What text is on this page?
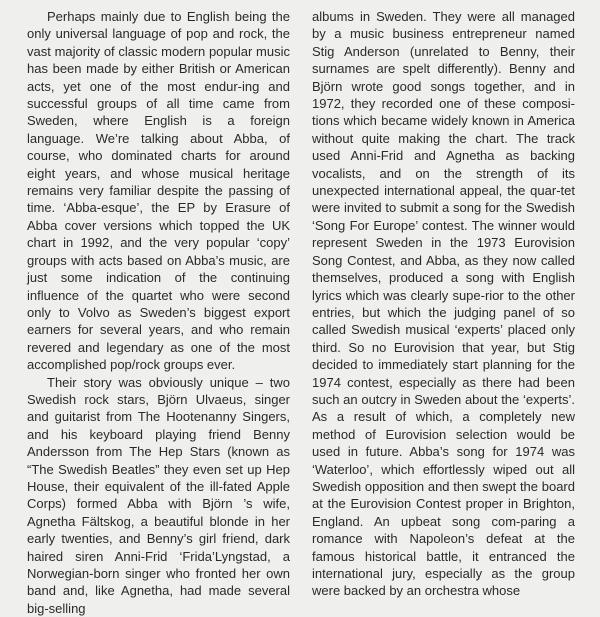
Perhaps mainly due to English being the only universal language of pop and rock, the vast majority of classic modern popular music has been made by either British or American acts, yet one of the most endur-ing and successful groups of all time came from Sweden, where English is a foreign language. We’re talking about Abba, of course, who dominated charts for around eight years, and whose musical heritage remains very familiar despite the passing of time. ‘Abba-esque’, the EP by Erasure of Abba cover versions which topped the UK chart in 1992, and the very popular ‘copy’ groups with acts based on Abba’s music, are just some indication of the continuing influence of the quartet who were second only to Volvo as Sweden’s biggest export earners for several years, and who remain revered and legendary as one of the most accomplished pop/rock groups ever.

Their story was obviously unique – two Swedish rock stars, Björn Ulvaeus, singer and guitarist from The Hootenanny Singers, and his keyboard playing friend Benny Andersson from The Hep Stars (known as “The Swedish Beatles” they even set up Hep House, their equivalent of the ill-fated Apple Corps) formed Abba with Björn ’s wife, Agnetha Fältskog, a beautiful blonde in her early twenties, and Benny’s girl friend, dark haired siren Anni-Frid ‘Frida’Lyngstad, a Norwegian-born singer who fronted her own band and, like Agnetha, had made several big-selling

albums in Sweden. They were all managed by a music business entrepreneur named Stig Anderson (unrelated to Benny, their surnames are spelt differently). Benny and Björn wrote good songs together, and in 1972, they recorded one of these composi-tions which became widely known in America without quite making the chart. The track used Anni-Frid and Agnetha as backing vocalists, and on the strength of its unexpected international appeal, the quar-tet were invited to submit a song for the Swedish ‘Song For Europe’ contest. The winner would represent Sweden in the 1973 Eurovision Song Contest, and Abba, as they now called themselves, produced a song with English lyrics which was clearly supe-rior to the other entries, but which the judging panel of so called Swedish musical ‘experts’ placed only third. So no Eurovision that year, but Stig decided to immediately start planning for the 1974 contest, especially as there had been such an outcry in Sweden about the ‘experts’. As a result of which, a completely new method of Eurovision selection would be used in future. Abba’s song for 1974 was ‘Waterloo’, which effortlessly wiped out all Swedish opposition and then swept the board at the Eurovision Contest proper in Brighton, England. An upbeat song com-paring a romance with Napoleon’s defeat at the famous historical battle, it entranced the international jury, especially as the group were backed by an orchestra whose
